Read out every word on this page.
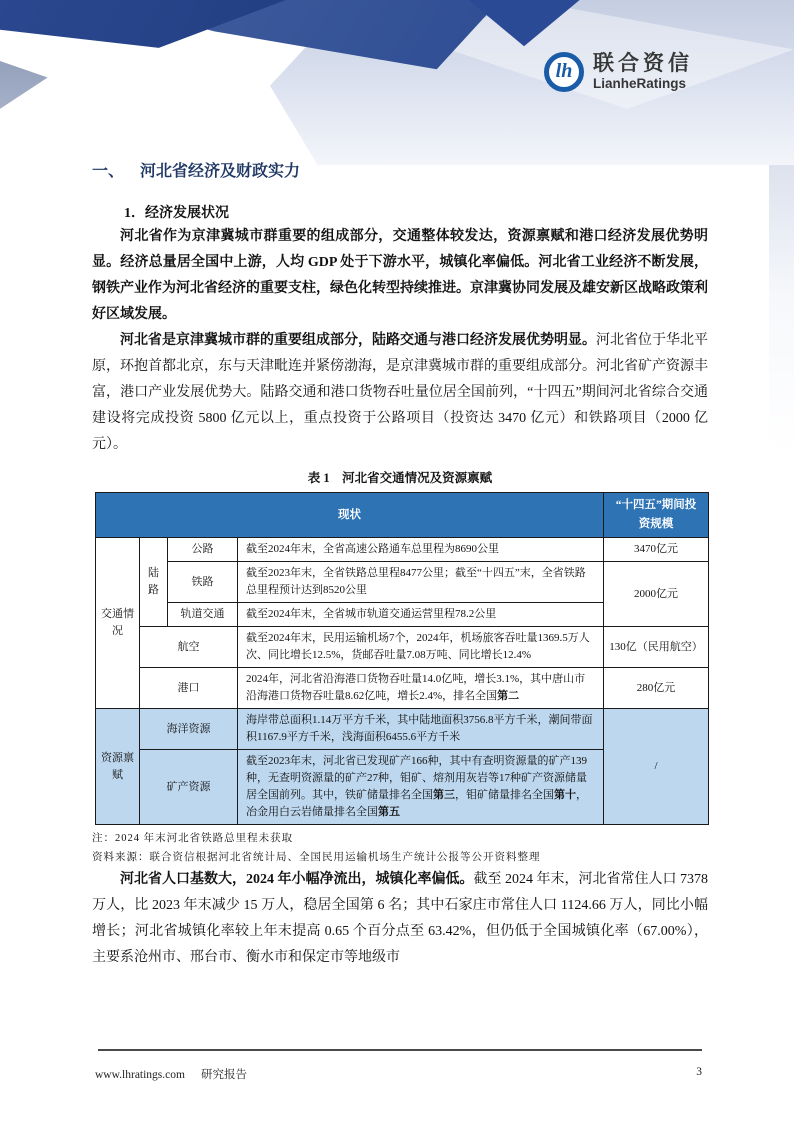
lh 联合资信
LianheRatings
一、 河北省经济及财政实力
1．经济发展状况

河北省作为京津冀城市群重要的组成部分，交通整体较发达，资源禀赋和港口经济发展优势明显。经济总量居全国中上游，人均 GDP 处于下游水平，城镇化率偏低。河北省工业经济不断发展，钢铁产业作为河北省经济的重要支柱，绿色化转型持续推进。京津冀协同发展及雄安新区战略政策利好区域发展。

河北省是京津冀城市群的重要组成部分，陆路交通与港口经济发展优势明显。河北省位于华北平原，环抱首都北京，东与天津毗连并紧傍渤海，是京津冀城市群的重要组成部分。河北省矿产资源丰富，港口产业发展优势大。陆路交通和港口货物吞吐量位居全国前列，“十四五”期间河北省综合交通建设将完成投资 5800 亿元以上，重点投资于公路项目（投资达 3470 亿元）和铁路项目（2000 亿元）。

表 1　河北省交通情况及资源禀赋
现状				“十四五”期间投资规模
交通情况	陆路	公路	截至2024年末，全省高速公路通车总里程为8690公里	3470亿元
		铁路	截至2023年末，全省铁路总里程8477公里；截至“十四五”末，全省铁路总里程预计达到8520公里	2000亿元
		轨道交通	截至2024年末，全省城市轨道交通运营里程78.2公里	
	航空		截至2024年末，民用运输机场7个，2024年，机场旅客吞吐量1369.5万人次、同比增长12.5%，货邮吞吐量7.08万吨、同比增长12.4%	130亿（民用航空）
	港口		2024年，河北省沿海港口货物吞吐量14.0亿吨，增长3.1%，其中唐山市沿海港口货物吞吐量8.62亿吨，增长2.4%，排名全国第二	280亿元
资源禀赋	海洋资源		海岸带总面积1.14万平方千米，其中陆地面积3756.8平方千米，潮间带面积1167.9平方千米，浅海面积6455.6平方千米	/
	矿产资源		截至2023年末，河北省已发现矿产166种，其中有查明资源量的矿产139种，无查明资源量的矿产27种，钼矿、熔剂用灰岩等17种矿产资源储量居全国前列。其中，铁矿储量排名全国第三，钼矿储量排名全国第十，冶金用白云岩储量排名全国第五	
注：2024 年末河北省铁路总里程未获取
资料来源：联合资信根据河北省统计局、全国民用运输机场生产统计公报等公开资料整理

河北省人口基数大，2024 年小幅净流出，城镇化率偏低。截至 2024 年末，河北省常住人口 7378 万人，比 2023 年末减少 15 万人，稳居全国第 6 名；其中石家庄市常住人口 1124.66 万人，同比小幅增长；河北省城镇化率较上年末提高 0.65 个百分点至 63.42%，但仍低于全国城镇化率（67.00%），主要系沧州市、邢台市、衡水市和保定市等地级市

www.lhratings.com 研究报告	3
